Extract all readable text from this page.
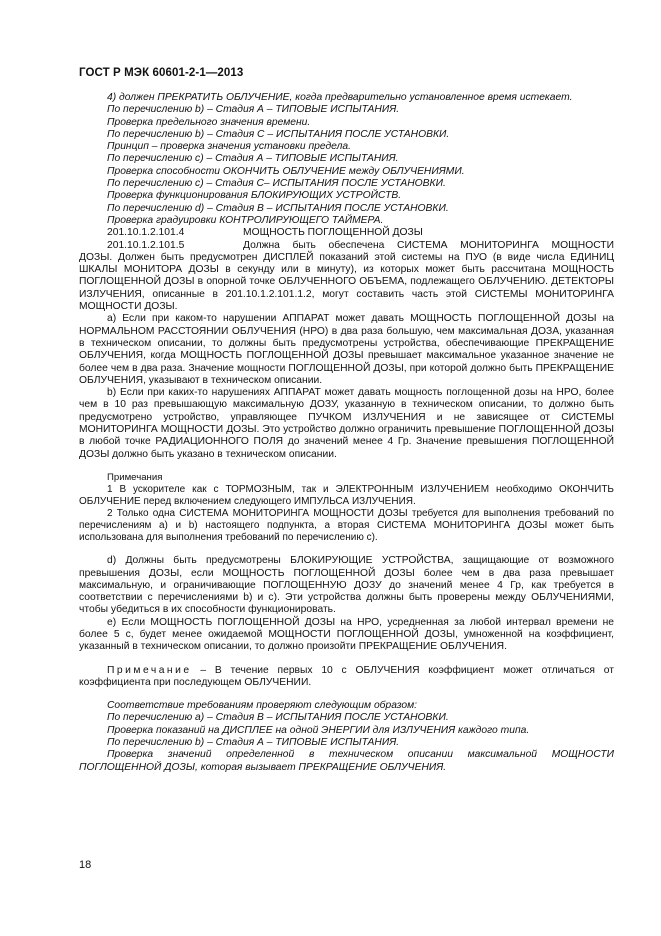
ГОСТ Р МЭК 60601-2-1—2013

4) должен ПРЕКРАТИТЬ ОБЛУЧЕНИЕ, когда предварительно установленное время истекает.

По перечислению b) – Стадия А – ТИПОВЫЕ ИСПЫТАНИЯ.

Проверка предельного значения времени.

По перечислению b) – Стадия С – ИСПЫТАНИЯ ПОСЛЕ УСТАНОВКИ.

Принцип – проверка значения установки предела.

По перечислению c) – Стадия А – ТИПОВЫЕ ИСПЫТАНИЯ.

Проверка способности ОКОНЧИТЬ ОБЛУЧЕНИЕ между ОБЛУЧЕНИЯМИ.

По перечислению c) – Стадия С– ИСПЫТАНИЯ ПОСЛЕ УСТАНОВКИ.

Проверка функционирования БЛОКИРУЮЩИХ УСТРОЙСТВ.

По перечислению d) – Стадия В – ИСПЫТАНИЯ ПОСЛЕ УСТАНОВКИ.

Проверка градуировки КОНТРОЛИРУЮЩЕГО ТАЙМЕРА.

201.10.1.2.101.4	МОЩНОСТЬ ПОГЛОЩЕННОЙ ДОЗЫ
201.10.1.2.101.5	Должна быть обеспечена СИСТЕМА МОНИТОРИНГА МОЩНОСТИ

ДОЗЫ. Должен быть предусмотрен ДИСПЛЕЙ показаний этой системы на ПУО (в виде числа ЕДИНИЦ ШКАЛЫ МОНИТОРА ДОЗЫ в секунду или в минуту), из которых может быть рассчитана МОЩНОСТЬ ПОГЛОЩЕННОЙ ДОЗЫ в опорной точке ОБЛУЧЕННОГО ОБЪЕМА, подлежащего ОБЛУЧЕНИЮ. ДЕТЕКТОРЫ ИЗЛУЧЕНИЯ, описанные в 201.10.1.2.101.1.2, могут составить часть этой СИСТЕМЫ МОНИТОРИНГА МОЩНОСТИ ДОЗЫ.

a) Если при каком-то нарушении АППАРАТ может давать МОЩНОСТЬ ПОГЛОЩЕННОЙ ДОЗЫ на НОРМАЛЬНОМ РАССТОЯНИИ ОБЛУЧЕНИЯ (НРО) в два раза большую, чем максимальная ДОЗА, указанная в техническом описании, то должны быть предусмотрены устройства, обеспечивающие ПРЕКРАЩЕНИЕ ОБЛУЧЕНИЯ, когда МОЩНОСТЬ ПОГЛОЩЕННОЙ ДОЗЫ превышает максимальное указанное значение не более чем в два раза. Значение мощности ПОГЛОЩЕННОЙ ДОЗЫ, при которой должно быть ПРЕКРАЩЕНИЕ ОБЛУЧЕНИЯ, указывают в техническом описании.

b) Если при каких-то нарушениях АППАРАТ может давать мощность поглощенной дозы на НРО, более чем в 10 раз превышающую максимальную ДОЗУ, указанную в техническом описании, то должно быть предусмотрено устройство, управляющее ПУЧКОМ ИЗЛУЧЕНИЯ и не зависящее от СИСТЕМЫ МОНИТОРИНГА МОЩНОСТИ ДОЗЫ. Это устройство должно ограничить превышение ПОГЛОЩЕННОЙ ДОЗЫ в любой точке РАДИАЦИОННОГО ПОЛЯ до значений менее 4 Гр. Значение превышения ПОГЛОЩЕННОЙ ДОЗЫ должно быть указано в техническом описании.

Примечания

1 В ускорителе как с ТОРМОЗНЫМ, так и ЭЛЕКТРОННЫМ ИЗЛУЧЕНИЕМ необходимо ОКОНЧИТЬ ОБЛУЧЕНИЕ перед включением следующего ИМПУЛЬСА ИЗЛУЧЕНИЯ.

2 Только одна СИСТЕМА МОНИТОРИНГА МОЩНОСТИ ДОЗЫ требуется для выполнения требований по перечислениям a) и b) настоящего подпункта, а вторая СИСТЕМА МОНИТОРИНГА ДОЗЫ может быть использована для выполнения требований по перечислению c).

d) Должны быть предусмотрены БЛОКИРУЮЩИЕ УСТРОЙСТВА, защищающие от возможного превышения ДОЗЫ, если МОЩНОСТЬ ПОГЛОЩЕННОЙ ДОЗЫ более чем в два раза превышает максимальную, и ограничивающие ПОГЛОЩЕННУЮ ДОЗУ до значений менее 4 Гр, как требуется в соответствии с перечислениями b) и c). Эти устройства должны быть проверены между ОБЛУЧЕНИЯМИ, чтобы убедиться в их способности функционировать.

e) Если МОЩНОСТЬ ПОГЛОЩЕННОЙ ДОЗЫ на НРО, усредненная за любой интервал времени не более 5 с, будет менее ожидаемой МОЩНОСТИ ПОГЛОЩЕННОЙ ДОЗЫ, умноженной на коэффициент, указанный в техническом описании, то должно произойти ПРЕКРАЩЕНИЕ ОБЛУЧЕНИЯ.

Примечание – В течение первых 10 с ОБЛУЧЕНИЯ коэффициент может отличаться от коэффициента при последующем ОБЛУЧЕНИИ.

Соответствие требованиям проверяют следующим образом:

По перечислению a) – Стадия В – ИСПЫТАНИЯ ПОСЛЕ УСТАНОВКИ.

Проверка показаний на ДИСПЛЕЕ на одной ЭНЕРГИИ для ИЗЛУЧЕНИЯ каждого типа.

По перечислению b) – Стадия А – ТИПОВЫЕ ИСПЫТАНИЯ.

Проверка значений определенной в техническом описании максимальной МОЩНОСТИ ПОГЛОЩЕННОЙ ДОЗЫ, которая вызывает ПРЕКРАЩЕНИЕ ОБЛУЧЕНИЯ.

18
